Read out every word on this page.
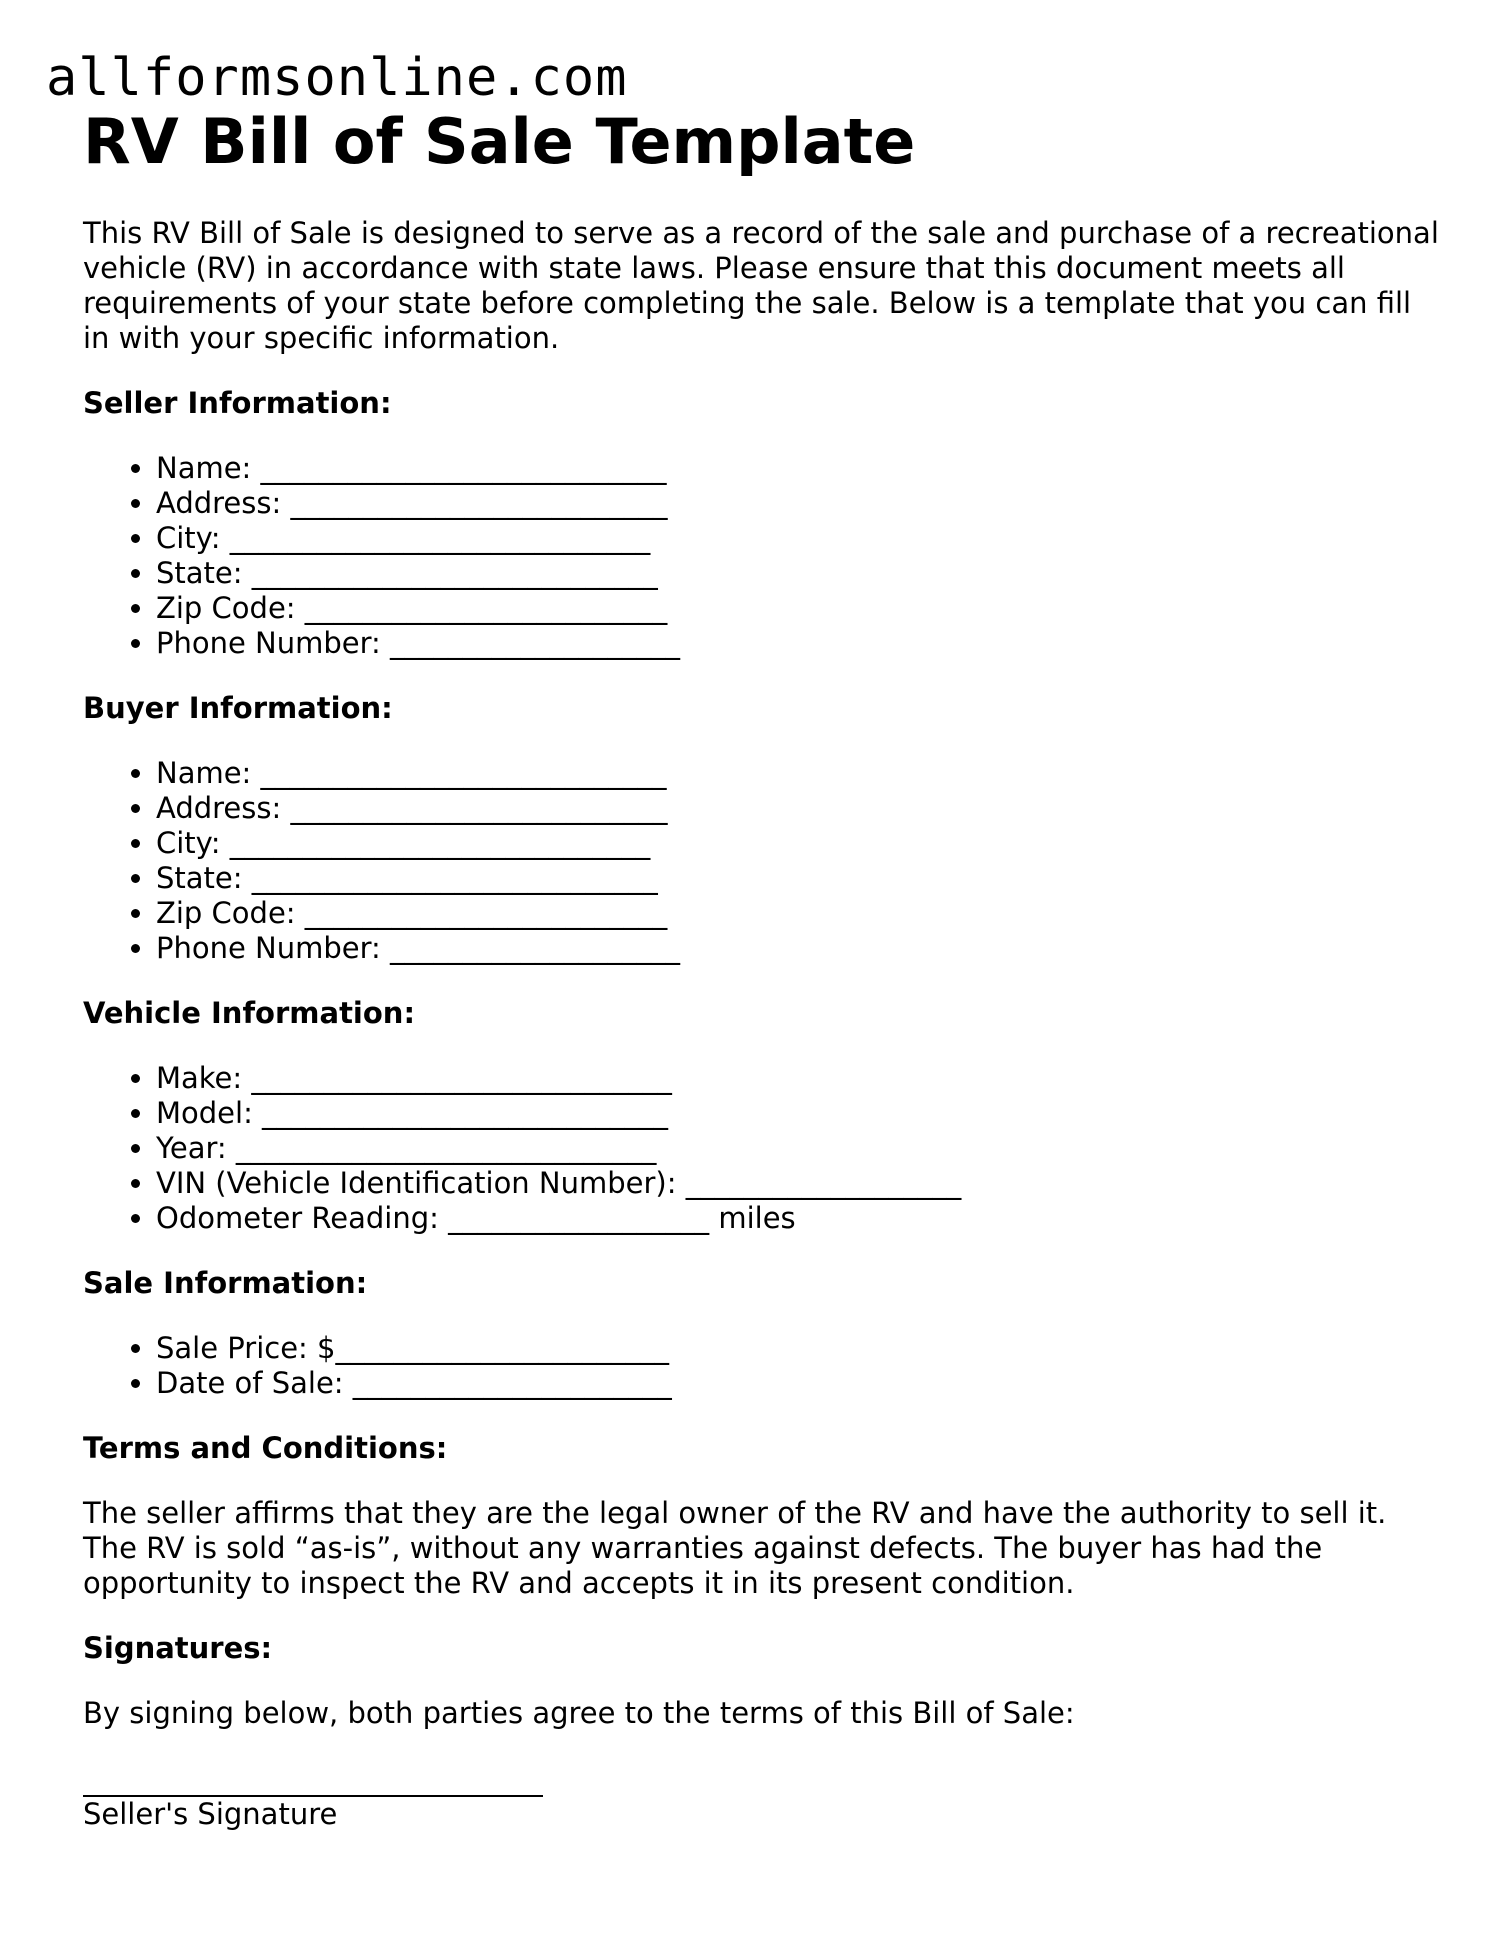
allformsonline.com
RV Bill of Sale Template

This RV Bill of Sale is designed to serve as a record of the sale and purchase of a recreational vehicle (RV) in accordance with state laws. Please ensure that this document meets all requirements of your state before completing the sale. Below is a template that you can fill in with your specific information.

Seller Information:
• Name: ____________________________
• Address: __________________________
• City: _____________________________
• State: ____________________________
• Zip Code: _________________________
• Phone Number: ____________________
Buyer Information:
• Name: ____________________________
• Address: __________________________
• City: _____________________________
• State: ____________________________
• Zip Code: _________________________
• Phone Number: ____________________
Vehicle Information:
• Make: _____________________________
• Model: ____________________________
• Year: _____________________________
• VIN (Vehicle Identification Number): ___________________
• Odometer Reading: __________________ miles
Sale Information:
• Sale Price: $_______________________
• Date of Sale: ______________________
Terms and Conditions:

The seller affirms that they are the legal owner of the RV and have the authority to sell it. The RV is sold “as-is”, without any warranties against defects. The buyer has had the opportunity to inspect the RV and accepts it in its present condition.

Signatures:

By signing below, both parties agree to the terms of this Bill of Sale:

Seller's Signature
